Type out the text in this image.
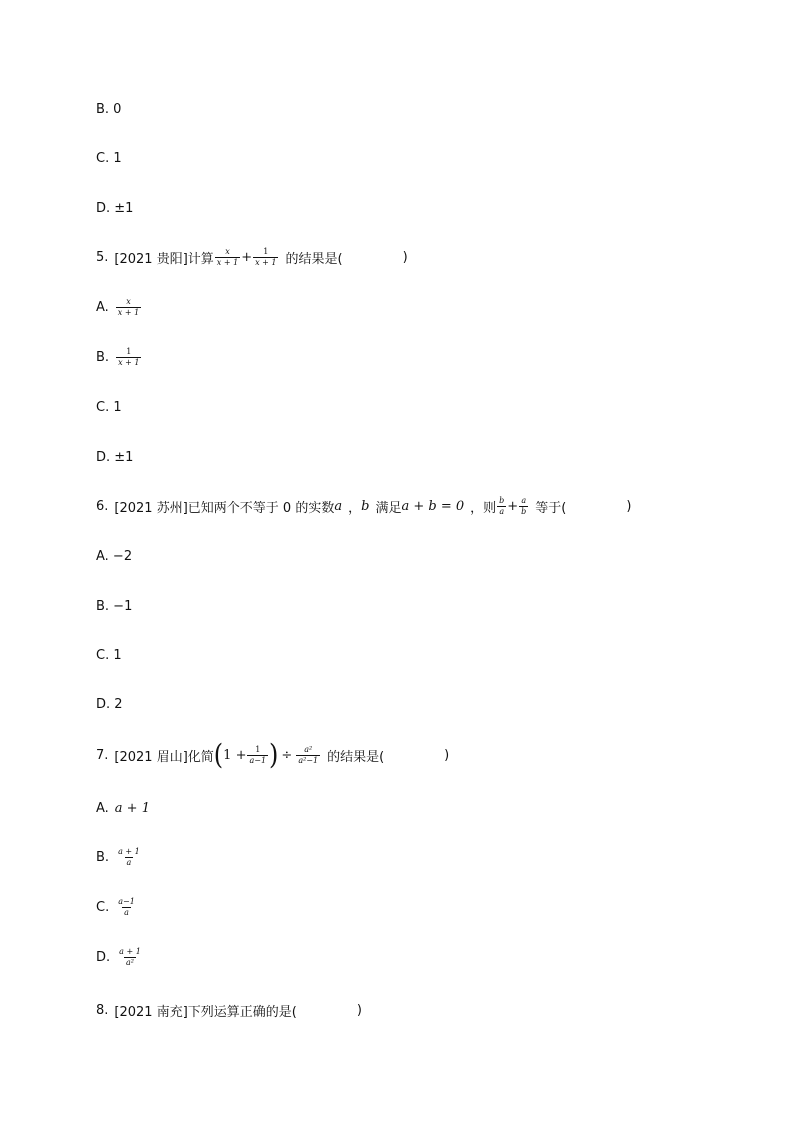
B. 0
C. 1
D. ±1
5. [2021 贵阳] 计算 $\frac{x}{x + 1} + \frac{1}{x + 1}$ 的结果是(	)
A. $\frac{x}{x + 1}$
B. $\frac{1}{x + 1}$
C. 1
D. ±1
6. [2021 苏州] 已知两个不等于 0 的实数 a ， b 满足 a + b = 0 ，则 $\frac{b}{a} + \frac{a}{b}$ 等于(	)
A. −2
B. −1
C. 1
D. 2
7. [2021 眉山] 化简 ( $1 + \frac{1}{a-1}$ ) ÷ $\frac{\text{a²}}{\text{a²−1}}$ 的结果是(	)
A. a + 1
B. $\frac{a + 1}{a}$
C. $\frac{a-1}{a}$
D. $\frac{a + 1}{\text{a²}}$
8. [2021 南充] 下列运算正确的是(	)
